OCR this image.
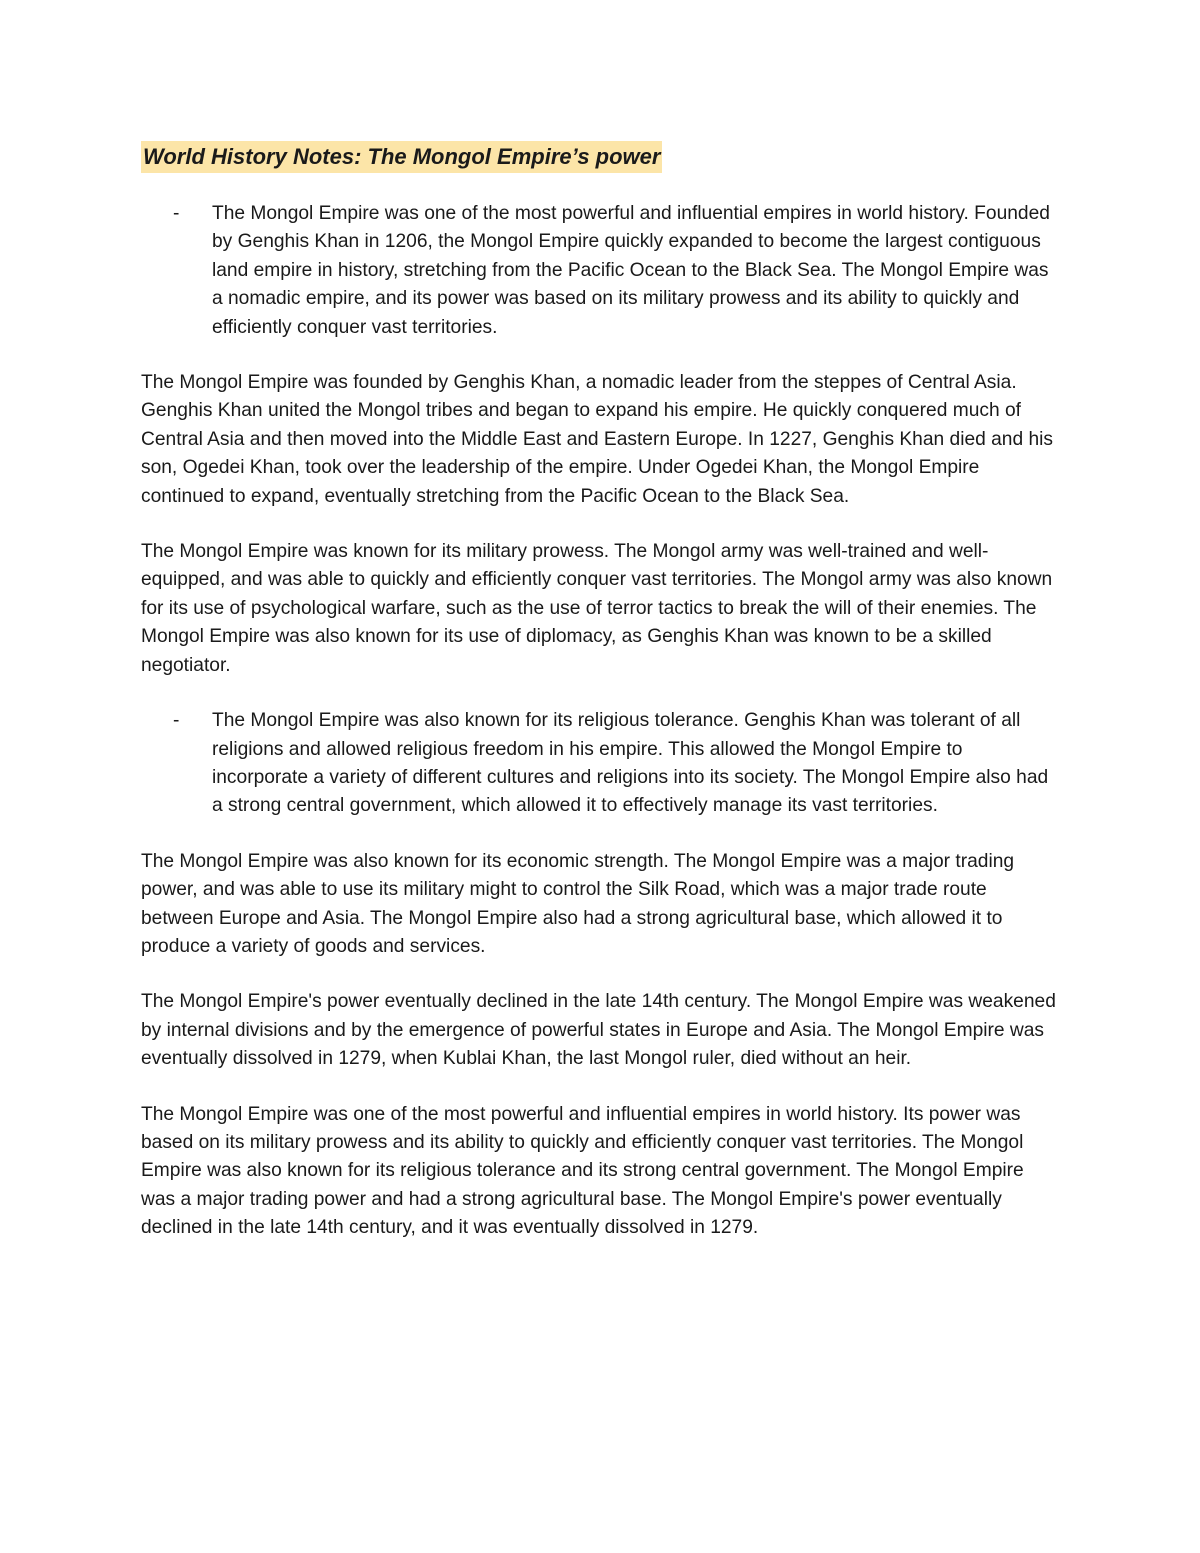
World History Notes: The Mongol Empire’s power
- The Mongol Empire was one of the most powerful and influential empires in world history. Founded by Genghis Khan in 1206, the Mongol Empire quickly expanded to become the largest contiguous land empire in history, stretching from the Pacific Ocean to the Black Sea. The Mongol Empire was a nomadic empire, and its power was based on its military prowess and its ability to quickly and efficiently conquer vast territories.

The Mongol Empire was founded by Genghis Khan, a nomadic leader from the steppes of Central Asia. Genghis Khan united the Mongol tribes and began to expand his empire. He quickly conquered much of Central Asia and then moved into the Middle East and Eastern Europe. In 1227, Genghis Khan died and his son, Ogedei Khan, took over the leadership of the empire. Under Ogedei Khan, the Mongol Empire continued to expand, eventually stretching from the Pacific Ocean to the Black Sea.

The Mongol Empire was known for its military prowess. The Mongol army was well-trained and well-equipped, and was able to quickly and efficiently conquer vast territories. The Mongol army was also known for its use of psychological warfare, such as the use of terror tactics to break the will of their enemies. The Mongol Empire was also known for its use of diplomacy, as Genghis Khan was known to be a skilled negotiator.

- The Mongol Empire was also known for its religious tolerance. Genghis Khan was tolerant of all religions and allowed religious freedom in his empire. This allowed the Mongol Empire to incorporate a variety of different cultures and religions into its society. The Mongol Empire also had a strong central government, which allowed it to effectively manage its vast territories.

The Mongol Empire was also known for its economic strength. The Mongol Empire was a major trading power, and was able to use its military might to control the Silk Road, which was a major trade route between Europe and Asia. The Mongol Empire also had a strong agricultural base, which allowed it to produce a variety of goods and services.

The Mongol Empire's power eventually declined in the late 14th century. The Mongol Empire was weakened by internal divisions and by the emergence of powerful states in Europe and Asia. The Mongol Empire was eventually dissolved in 1279, when Kublai Khan, the last Mongol ruler, died without an heir.

The Mongol Empire was one of the most powerful and influential empires in world history. Its power was based on its military prowess and its ability to quickly and efficiently conquer vast territories. The Mongol Empire was also known for its religious tolerance and its strong central government. The Mongol Empire was a major trading power and had a strong agricultural base. The Mongol Empire's power eventually declined in the late 14th century, and it was eventually dissolved in 1279.
